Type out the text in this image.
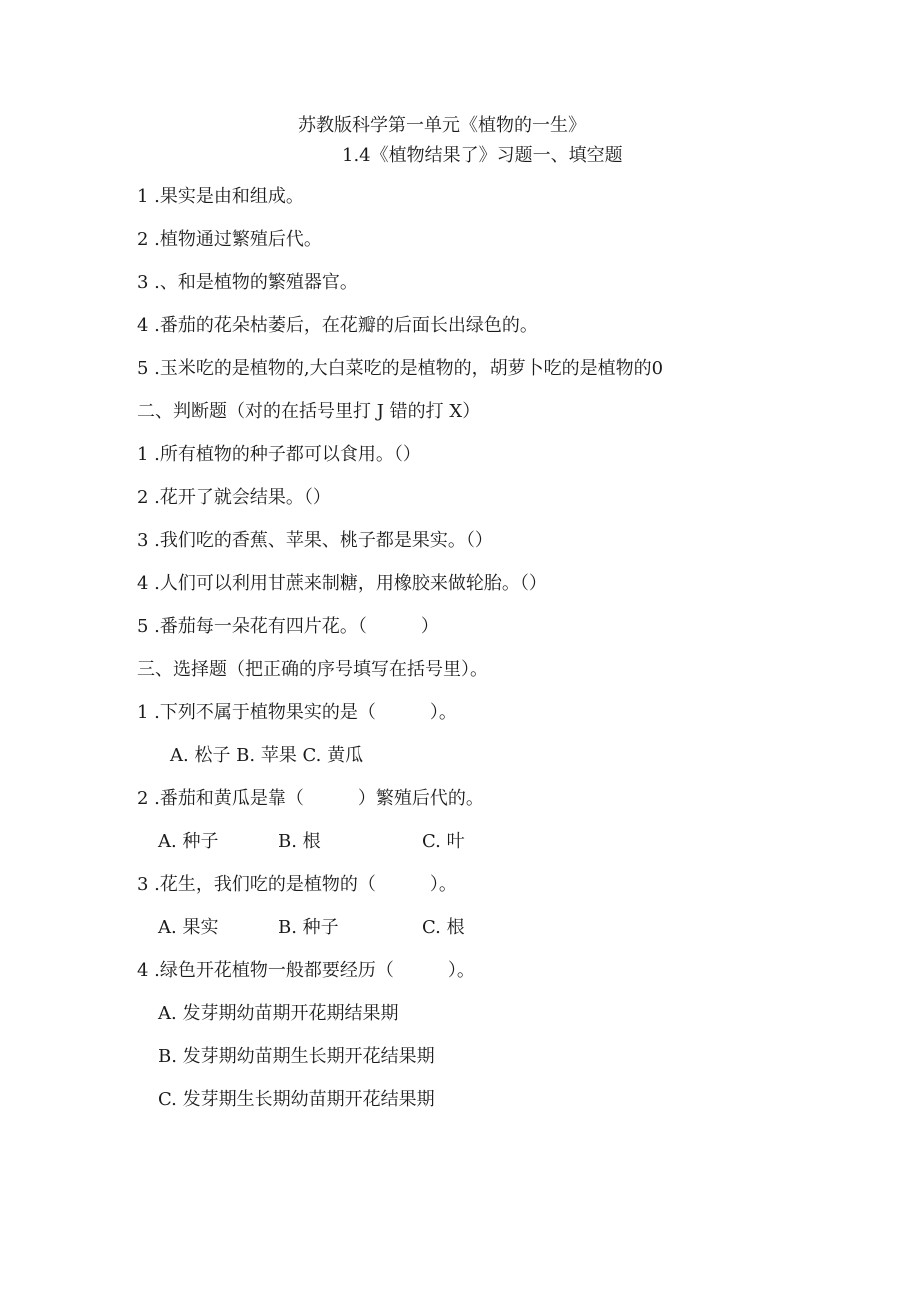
苏教版科学第一单元《植物的一生》
1.4《植物结果了》习题一、填空题
1 .果实是由和组成。
2 .植物通过繁殖后代。
3 .、和是植物的繁殖器官。
4 .番茄的花朵枯萎后，在花瓣的后面长出绿色的。
5 .玉米吃的是植物的,大白菜吃的是植物的，胡萝卜吃的是植物的0
二、判断题（对的在括号里打 J 错的打 X）
1 .所有植物的种子都可以食用。（）
2 .花开了就会结果。（）
3 .我们吃的香蕉、苹果、桃子都是果实。（）
4 .人们可以利用甘蔗来制糖，用橡胶来做轮胎。（）
5 .番茄每一朵花有四片花。（　　　）
三、选择题（把正确的序号填写在括号里）。
1 .下列不属于植物果实的是（　　　）。
A. 松子 B. 苹果 C. 黄瓜
2 .番茄和黄瓜是靠（　　　）繁殖后代的。
A. 种子	B. 根	C. 叶
3 .花生，我们吃的是植物的（　　　）。
A. 果实	B. 种子	C. 根
4 .绿色开花植物一般都要经历（　　　）。
A. 发芽期幼苗期开花期结果期
B. 发芽期幼苗期生长期开花结果期
C. 发芽期生长期幼苗期开花结果期
